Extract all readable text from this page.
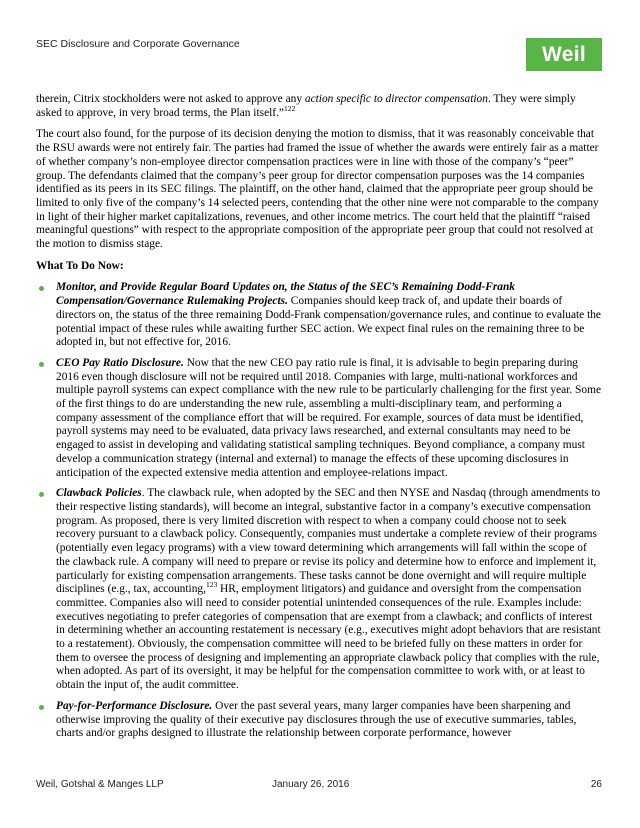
SEC Disclosure and Corporate Governance	Weil

therein, Citrix stockholders were not asked to approve any action specific to director compensation. They were simply asked to approve, in very broad terms, the Plan itself.”$^{122}$

The court also found, for the purpose of its decision denying the motion to dismiss, that it was reasonably conceivable that the RSU awards were not entirely fair. The parties had framed the issue of whether the awards were entirely fair as a matter of whether company’s non-employee director compensation practices were in line with those of the company’s “peer” group. The defendants claimed that the company’s peer group for director compensation purposes was the 14 companies identified as its peers in its SEC filings. The plaintiff, on the other hand, claimed that the appropriate peer group should be limited to only five of the company’s 14 selected peers, contending that the other nine were not comparable to the company in light of their higher market capitalizations, revenues, and other income metrics. The court held that the plaintiff “raised meaningful questions” with respect to the appropriate composition of the appropriate peer group that could not resolved at the motion to dismiss stage.

What To Do Now:
Monitor, and Provide Regular Board Updates on, the Status of the SEC’s Remaining Dodd-Frank Compensation/Governance Rulemaking Projects. Companies should keep track of, and update their boards of directors on, the status of the three remaining Dodd-Frank compensation/governance rules, and continue to evaluate the potential impact of these rules while awaiting further SEC action. We expect final rules on the remaining three to be adopted in, but not effective for, 2016.
CEO Pay Ratio Disclosure. Now that the new CEO pay ratio rule is final, it is advisable to begin preparing during 2016 even though disclosure will not be required until 2018. Companies with large, multi-national workforces and multiple payroll systems can expect compliance with the new rule to be particularly challenging for the first year. Some of the first things to do are understanding the new rule, assembling a multi-disciplinary team, and performing a company assessment of the compliance effort that will be required. For example, sources of data must be identified, payroll systems may need to be evaluated, data privacy laws researched, and external consultants may need to be engaged to assist in developing and validating statistical sampling techniques. Beyond compliance, a company must develop a communication strategy (internal and external) to manage the effects of these upcoming disclosures in anticipation of the expected extensive media attention and employee-relations impact.
Clawback Policies. The clawback rule, when adopted by the SEC and then NYSE and Nasdaq (through amendments to their respective listing standards), will become an integral, substantive factor in a company’s executive compensation program. As proposed, there is very limited discretion with respect to when a company could choose not to seek recovery pursuant to a clawback policy. Consequently, companies must undertake a complete review of their programs (potentially even legacy programs) with a view toward determining which arrangements will fall within the scope of the clawback rule. A company will need to prepare or revise its policy and determine how to enforce and implement it, particularly for existing compensation arrangements. These tasks cannot be done overnight and will require multiple disciplines (e.g., tax, accounting,$^{123}$ HR, employment litigators) and guidance and oversight from the compensation committee. Companies also will need to consider potential unintended consequences of the rule. Examples include: executives negotiating to prefer categories of compensation that are exempt from a clawback; and conflicts of interest in determining whether an accounting restatement is necessary (e.g., executives might adopt behaviors that are resistant to a restatement). Obviously, the compensation committee will need to be briefed fully on these matters in order for them to oversee the process of designing and implementing an appropriate clawback policy that complies with the rule, when adopted. As part of its oversight, it may be helpful for the compensation committee to work with, or at least to obtain the input of, the audit committee.
Pay-for-Performance Disclosure. Over the past several years, many larger companies have been sharpening and otherwise improving the quality of their executive pay disclosures through the use of executive summaries, tables, charts and/or graphs designed to illustrate the relationship between corporate performance, however
Weil, Gotshal & Manges LLP	January 26, 2016	26
